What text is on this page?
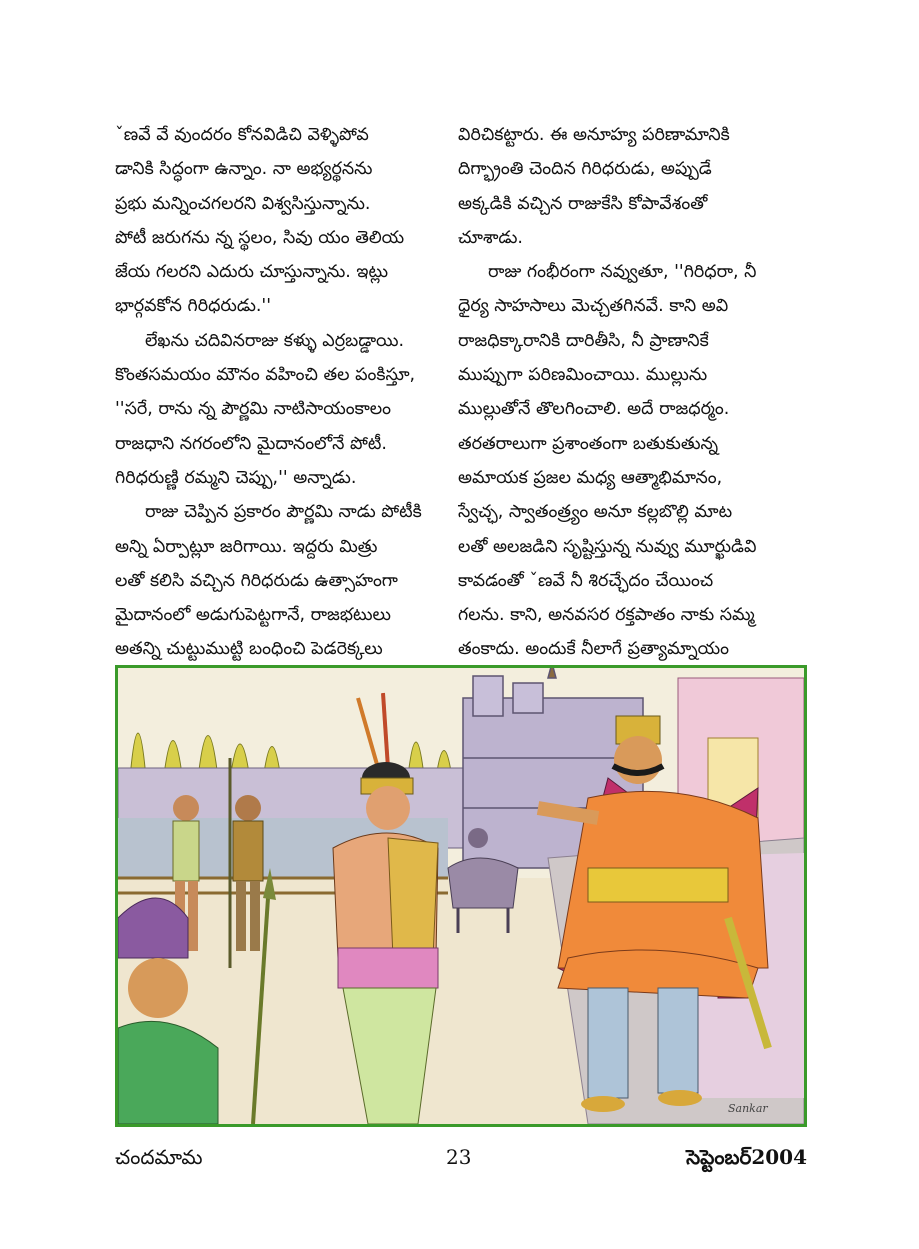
ˇణవే వే వుందరం కోనవిడిచి వెళ్ళిపోవ
డానికి సిద్ధంగా ఉన్నాం. నా అభ్యర్థనను
ప్రభు మన్నించగలరని విశ్వసిస్తున్నాను.
పోటీ జరుగను న్న స్థలం, సివు యం తెలియ
జేయ గలరని ఎదురు చూస్తున్నాను. ఇట్లు
భార్గవకోన గిరిధరుడు.''
లేఖను చదివినరాజు కళ్ళు ఎర్రబడ్డాయి.
కొంతసమయం మౌనం వహించి తల పంకిస్తూ,
''సరే, రాను న్న పౌర్ణమి నాటిసాయంకాలం
రాజధాని నగరంలోని మైదానంలోనే పోటీ.
గిరిధరుణ్ణి రమ్మని చెప్పు,'' అన్నాడు.
రాజు చెప్పిన ప్రకారం పౌర్ణమి నాడు పోటీకి
అన్ని ఏర్పాట్లూ జరిగాయి. ఇద్దరు మిత్రు
లతో కలిసి వచ్చిన గిరిధరుడు ఉత్సాహంగా
మైదానంలో అడుగుపెట్టగానే, రాజభటులు
అతన్ని చుట్టుముట్టి బంధించి పెడరెక్కలు
విరిచికట్టారు. ఈ అనూహ్య పరిణామానికి
దిగ్భ్రాంతి చెందిన గిరిధరుడు, అప్పుడే
అక్కడికి వచ్చిన రాజుకేసి కోపావేశంతో
చూశాడు.
రాజు గంభీరంగా నవ్వుతూ, ''గిరిధరా, నీ
ధైర్య సాహసాలు మెచ్చతగినవే. కాని అవి
రాజధిక్కారానికి దారితీసి, నీ ప్రాణానికే
ముప్పుగా పరిణమించాయి. ముల్లును
ముల్లుతోనే తొలగించాలి. అదే రాజధర్మం.
తరతరాలుగా ప్రశాంతంగా బతుకుతున్న
అమాయక ప్రజల మధ్య ఆత్మాభిమానం,
స్వేచ్ఛ, స్వాతంత్ర్యం అనూ కల్లబొల్లి మాట
లతో అలజడిని సృష్టిస్తున్న నువ్వు మూర్ఖుడివి
కావడంతో ˇణవే నీ శిరచ్ఛేదం చేయించ
గలను. కాని, అనవసర రక్తపాతం నాకు సమ్మ
తంకాదు. అందుకే నీలాగే ప్రత్యామ్నాయం
Sankar
చందమామ	23	సెప్టెంబర్2004
